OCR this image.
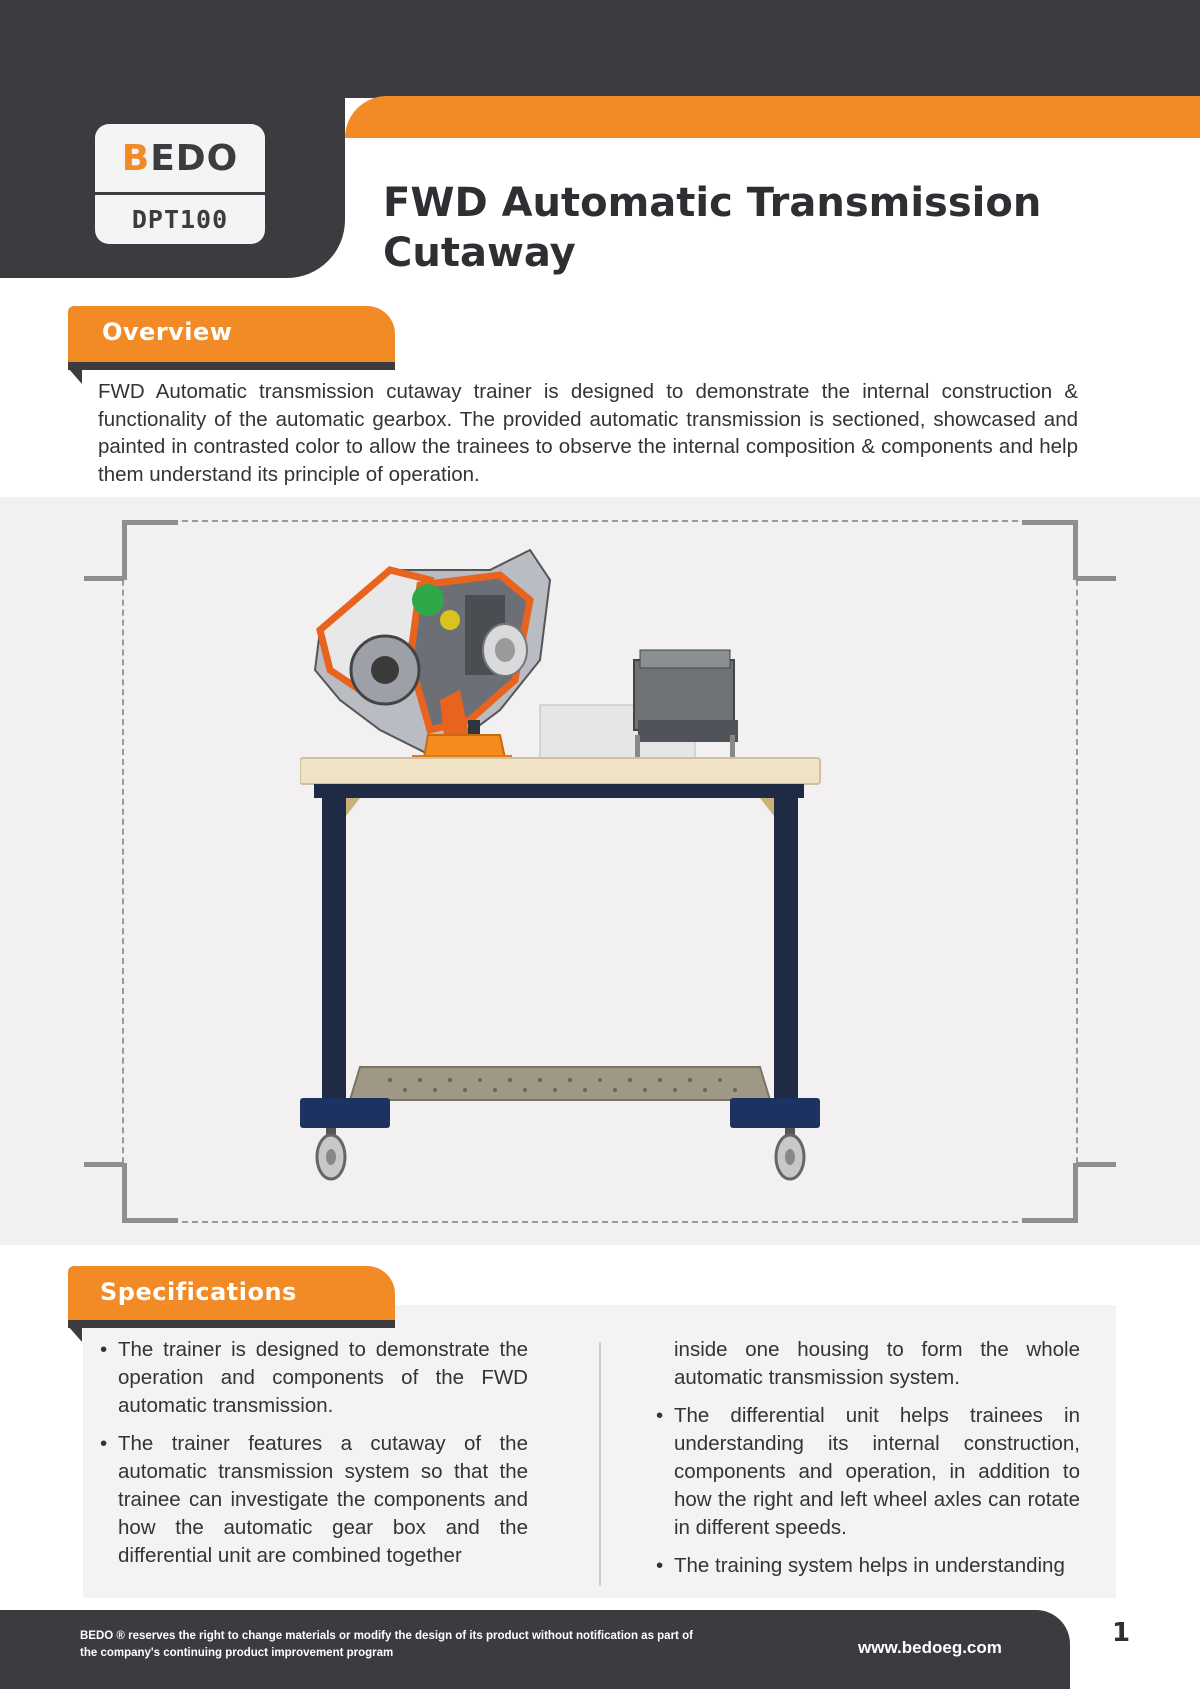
BEDO
DPT100	FWD Automatic Transmission Cutaway
Overview

FWD Automatic transmission cutaway trainer is designed to demonstrate the internal construction & functionality of the automatic gearbox. The provided automatic transmission is sectioned, showcased and painted in contrasted color to allow the trainees to observe the internal composition & components and help them understand its principle of operation.

Specifications
• The trainer is designed to demonstrate the operation and components of the FWD automatic transmission.
• The trainer features a cutaway of the automatic transmission system so that the trainee can investigate the components and how the automatic gear box and the differential unit are combined together

inside one housing to form the whole automatic transmission system.

• The differential unit helps trainees in understanding its internal construction, components and operation, in addition to how the right and left wheel axles can rotate in different speeds.
• The training system helps in understanding

BEDO ® reserves the right to change materials or modify the design of its product without notification as part of the company's continuing product improvement program	www.bedoeg.com	1
